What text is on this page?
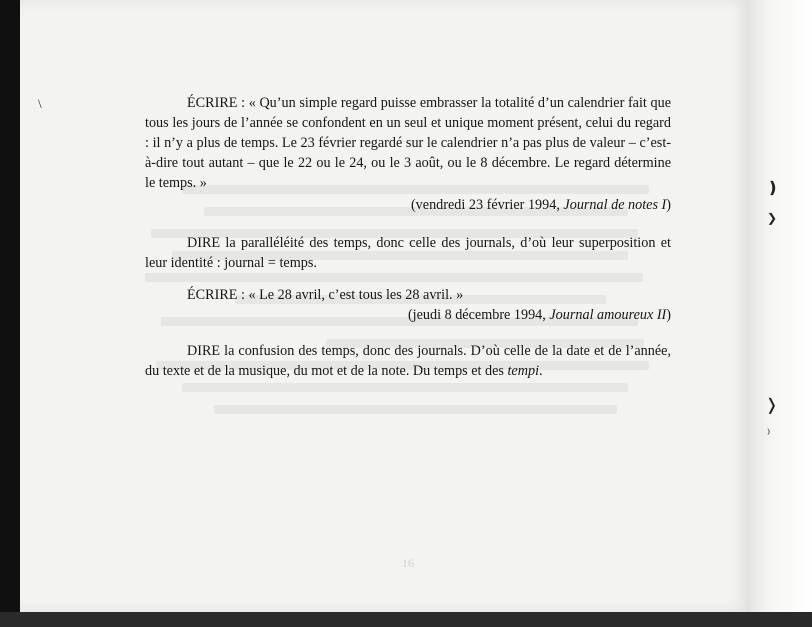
ÉCRIRE : « Qu’un simple regard puisse embrasser la totalité d’un calendrier fait que tous les jours de l’année se confondent en un seul et unique moment présent, celui du regard : il n’y a plus de temps. Le 23 février regardé sur le calendrier n’a pas plus de valeur – c’est-à-dire tout autant – que le 22 ou le 24, ou le 3 août, ou le 8 décembre. Le regard détermine le temps. »

(vendredi 23 février 1994, Journal de notes I)

DIRE la paralléléité des temps, donc celle des journals, d’où leur superposition et leur identité : journal = temps.

ÉCRIRE : « Le 28 avril, c’est tous les 28 avril. »

(jeudi 8 décembre 1994, Journal amoureux II)

DIRE la confusion des temps, donc des journals. D’où celle de la date et de l’année, du texte et de la musique, du mot et de la note. Du temps et des tempi.

16
\
❫
❯
❭
⁾
